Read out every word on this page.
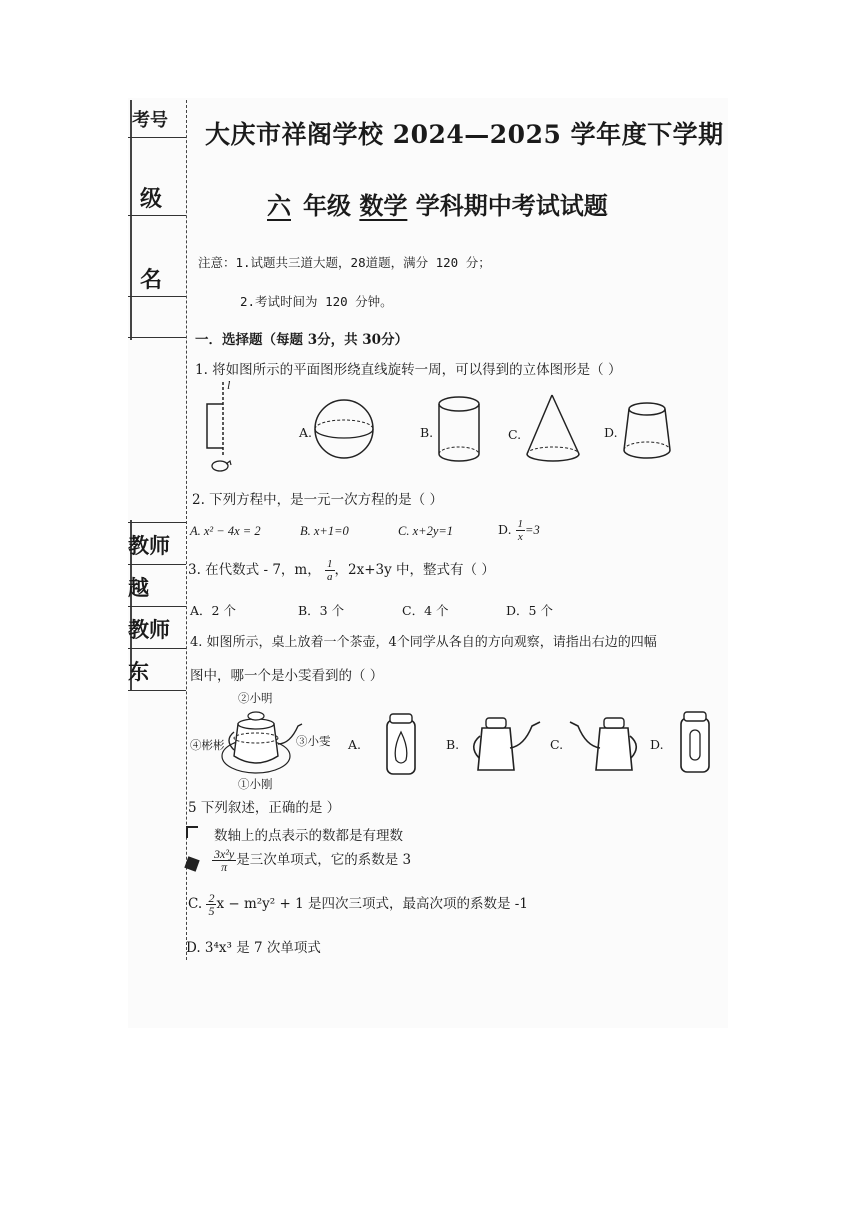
考号
级
名
教师
越
教师
东
大庆市祥阁学校 2024—2025 学年度下学期
六 年级 数学 学科期中考试试题
注意：1.试题共三道大题，28道题，满分 120 分；
2.考试时间为 120 分钟。
一．选择题（每题 3分，共 30分）
1. 将如图所示的平面图形绕直线旋转一周，可以得到的立体图形是（ ）
l
A.	B.	C.	D.
2. 下列方程中，是一元一次方程的是（ ）
A. x² − 4x = 2	B. x+1=0	C. x+2y=1	D. $\frac{1}{x} =3$
3. 在代数式 - 7，m， $\frac{1}{a}$ ，2x+3y 中，整式有（ ）
A．2 个	B．3 个	C．4 个	D．5 个
4. 如图所示，桌上放着一个茶壶，4个同学从各自的方向观察，请指出右边的四幅
图中，哪一个是小雯看到的（ ）
②小明
④彬彬	③小雯
①小刚
A.	B.	C.	D.
5 下列叙述，正确的是 ）
数轴上的点表示的数都是有理数
$\frac{\text{3x²y}}{\pi}$ 是三次单项式，它的系数是 3
C. $\frac{2}{5}$ x − m²y² + 1 是四次三项式，最高次项的系数是 -1
D. 3⁴x³ 是 7 次单项式
